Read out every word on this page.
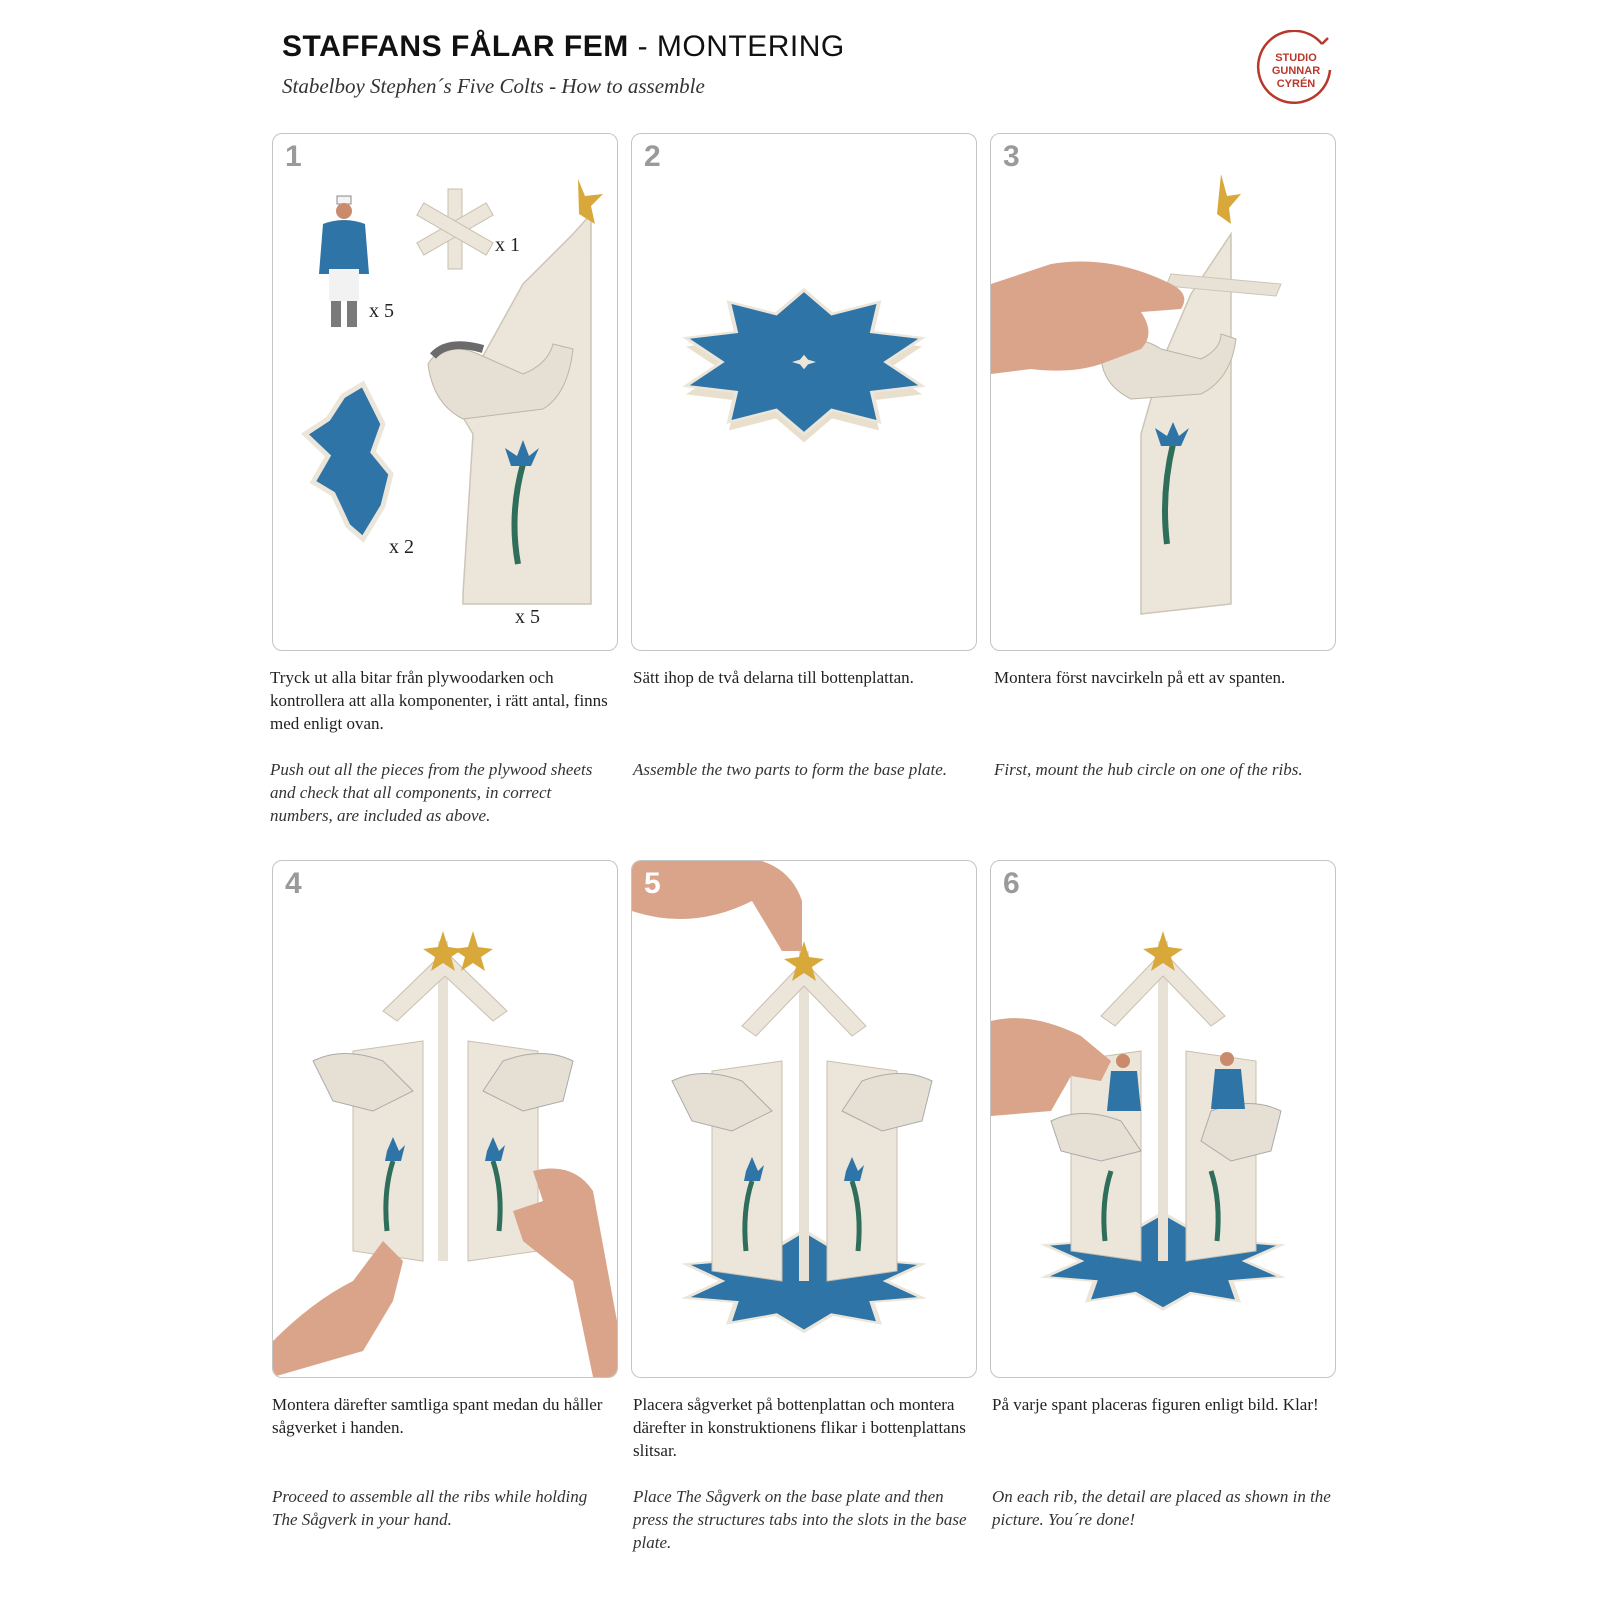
STAFFANS FÅLAR FEM - MONTERING
Stabelboy Stephen´s Five Colts - How to assemble
STUDIO
GUNNAR
CYRÉN
1
x 1
x 5
x 2
x 5
2	3
4	5	6
Tryck ut alla bitar från plywoodarken och kontrollera att alla komponenter, i rätt antal, finns med enligt ovan.
Push out all the pieces from the plywood sheets and check that all components, in correct numbers, are included as above.
Sätt ihop de två delarna till bottenplattan.
Assemble the two parts to form the base plate.
Montera först navcirkeln på ett av spanten.
First, mount the hub circle on one of the ribs.
Montera därefter samtliga spant medan du håller sågverket i handen.
Proceed to assemble all the ribs while holding The Sågverk in your hand.
Placera sågverket på bottenplattan och montera därefter in konstruktionens flikar i bottenplattans slitsar.
Place The Sågverk on the base plate and then press the structures tabs into the slots in the base plate.
På varje spant placeras figuren enligt bild. Klar!
On each rib, the detail are placed as shown in the picture. You´re done!
